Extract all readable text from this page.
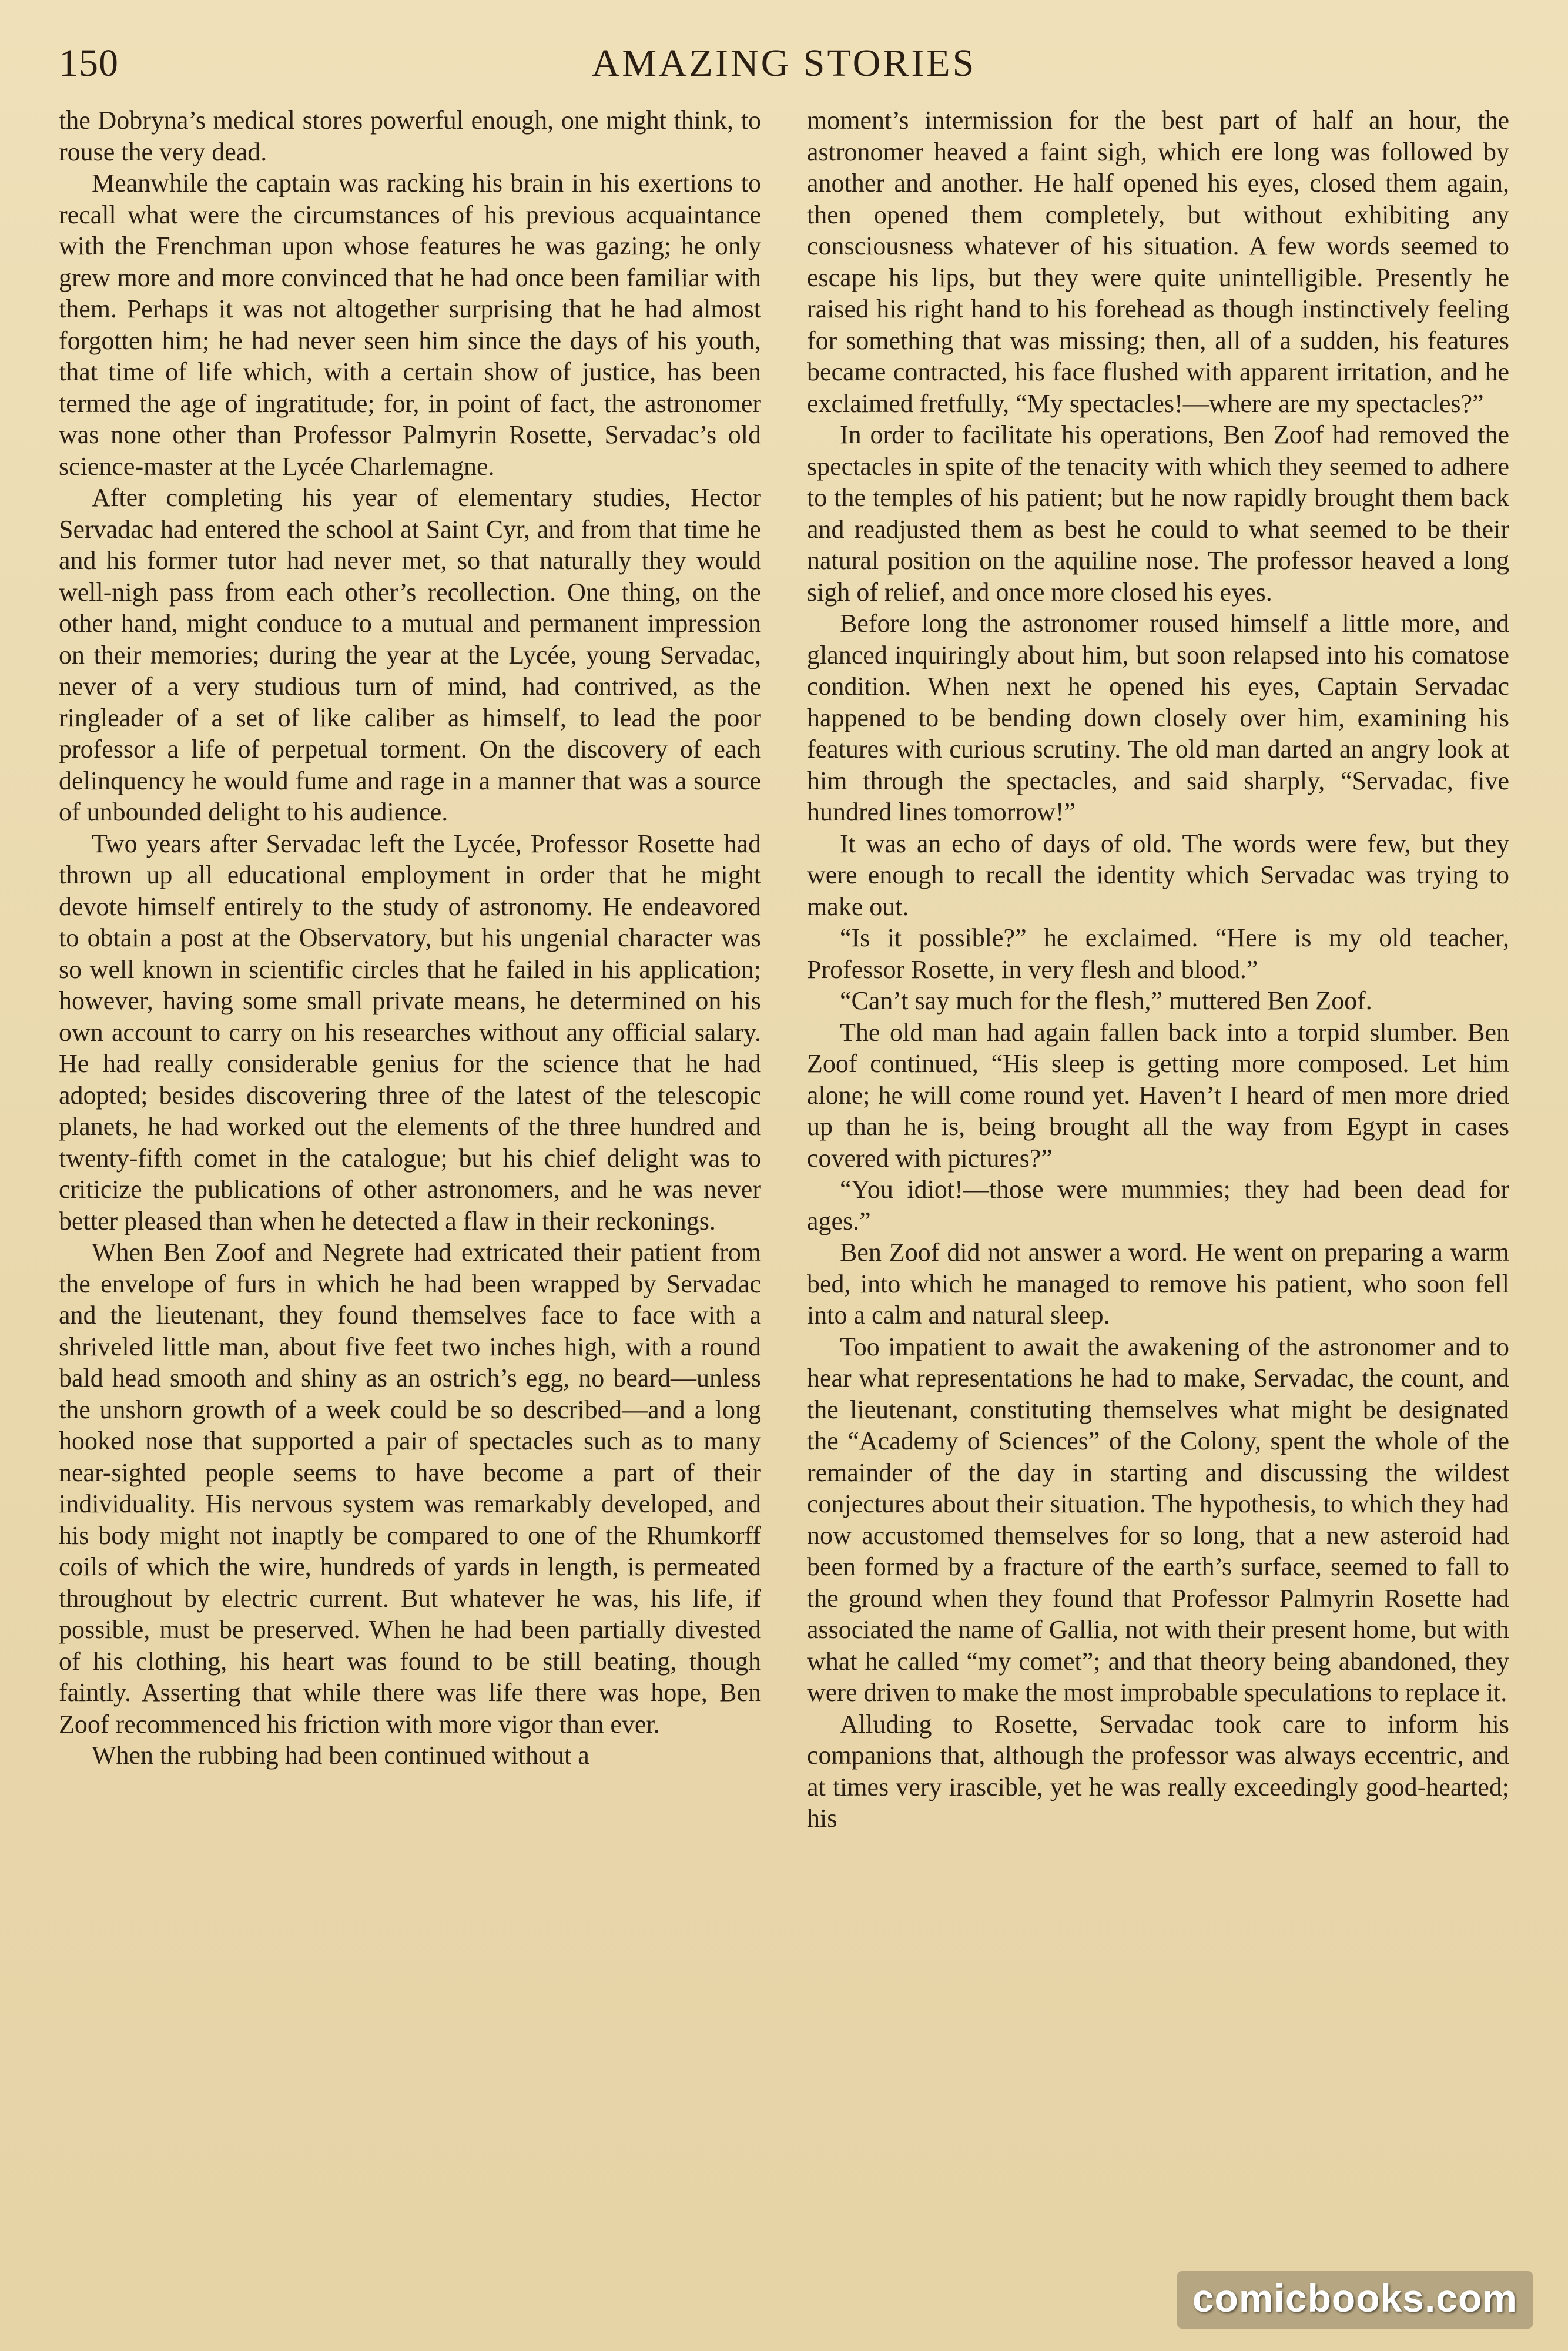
150	AMAZING STORIES

the Dobryna’s medical stores powerful enough, one might think, to rouse the very dead.

Meanwhile the captain was racking his brain in his exertions to recall what were the circumstances of his previous acquaintance with the Frenchman upon whose features he was gazing; he only grew more and more convinced that he had once been familiar with them. Perhaps it was not altogether surprising that he had almost forgotten him; he had never seen him since the days of his youth, that time of life which, with a certain show of justice, has been termed the age of ingratitude; for, in point of fact, the astronomer was none other than Professor Palmyrin Rosette, Servadac’s old science-master at the Lycée Charlemagne.

After completing his year of elementary studies, Hector Servadac had entered the school at Saint Cyr, and from that time he and his former tutor had never met, so that naturally they would well-nigh pass from each other’s recollection. One thing, on the other hand, might conduce to a mutual and permanent impression on their memories; during the year at the Lycée, young Servadac, never of a very studious turn of mind, had contrived, as the ringleader of a set of like caliber as himself, to lead the poor professor a life of perpetual torment. On the discovery of each delinquency he would fume and rage in a manner that was a source of unbounded delight to his audience.

Two years after Servadac left the Lycée, Professor Rosette had thrown up all educational employment in order that he might devote himself entirely to the study of astronomy. He endeavored to obtain a post at the Observatory, but his ungenial character was so well known in scientific circles that he failed in his application; however, having some small private means, he determined on his own account to carry on his researches without any official salary. He had really considerable genius for the science that he had adopted; besides discovering three of the latest of the telescopic planets, he had worked out the elements of the three hundred and twenty-fifth comet in the catalogue; but his chief delight was to criticize the publications of other astronomers, and he was never better pleased than when he detected a flaw in their reckonings.

When Ben Zoof and Negrete had extricated their patient from the envelope of furs in which he had been wrapped by Servadac and the lieutenant, they found themselves face to face with a shriveled little man, about five feet two inches high, with a round bald head smooth and shiny as an ostrich’s egg, no beard—unless the unshorn growth of a week could be so described—and a long hooked nose that supported a pair of spectacles such as to many near-sighted people seems to have become a part of their individuality. His nervous system was remarkably developed, and his body might not inaptly be compared to one of the Rhumkorff coils of which the wire, hundreds of yards in length, is permeated throughout by electric current. But whatever he was, his life, if possible, must be preserved. When he had been partially divested of his clothing, his heart was found to be still beating, though faintly. Asserting that while there was life there was hope, Ben Zoof recommenced his friction with more vigor than ever.

When the rubbing had been continued without a

moment’s intermission for the best part of half an hour, the astronomer heaved a faint sigh, which ere long was followed by another and another. He half opened his eyes, closed them again, then opened them completely, but without exhibiting any consciousness whatever of his situation. A few words seemed to escape his lips, but they were quite unintelligible. Presently he raised his right hand to his forehead as though instinctively feeling for something that was missing; then, all of a sudden, his features became contracted, his face flushed with apparent irritation, and he exclaimed fretfully, “My spectacles!—where are my spectacles?”

In order to facilitate his operations, Ben Zoof had removed the spectacles in spite of the tenacity with which they seemed to adhere to the temples of his patient; but he now rapidly brought them back and readjusted them as best he could to what seemed to be their natural position on the aquiline nose. The professor heaved a long sigh of relief, and once more closed his eyes.

Before long the astronomer roused himself a little more, and glanced inquiringly about him, but soon relapsed into his comatose condition. When next he opened his eyes, Captain Servadac happened to be bending down closely over him, examining his features with curious scrutiny. The old man darted an angry look at him through the spectacles, and said sharply, “Servadac, five hundred lines tomorrow!”

It was an echo of days of old. The words were few, but they were enough to recall the identity which Servadac was trying to make out.

“Is it possible?” he exclaimed. “Here is my old teacher, Professor Rosette, in very flesh and blood.”

“Can’t say much for the flesh,” muttered Ben Zoof.

The old man had again fallen back into a torpid slumber. Ben Zoof continued, “His sleep is getting more composed. Let him alone; he will come round yet. Haven’t I heard of men more dried up than he is, being brought all the way from Egypt in cases covered with pictures?”

“You idiot!—those were mummies; they had been dead for ages.”

Ben Zoof did not answer a word. He went on preparing a warm bed, into which he managed to remove his patient, who soon fell into a calm and natural sleep.

Too impatient to await the awakening of the astronomer and to hear what representations he had to make, Servadac, the count, and the lieutenant, constituting themselves what might be designated the “Academy of Sciences” of the Colony, spent the whole of the remainder of the day in starting and discussing the wildest conjectures about their situation. The hypothesis, to which they had now accustomed themselves for so long, that a new asteroid had been formed by a fracture of the earth’s surface, seemed to fall to the ground when they found that Professor Palmyrin Rosette had associated the name of Gallia, not with their present home, but with what he called “my comet”; and that theory being abandoned, they were driven to make the most improbable speculations to replace it.

Alluding to Rosette, Servadac took care to inform his companions that, although the professor was always eccentric, and at times very irascible, yet he was really exceedingly good-hearted; his

comicbooks.com
